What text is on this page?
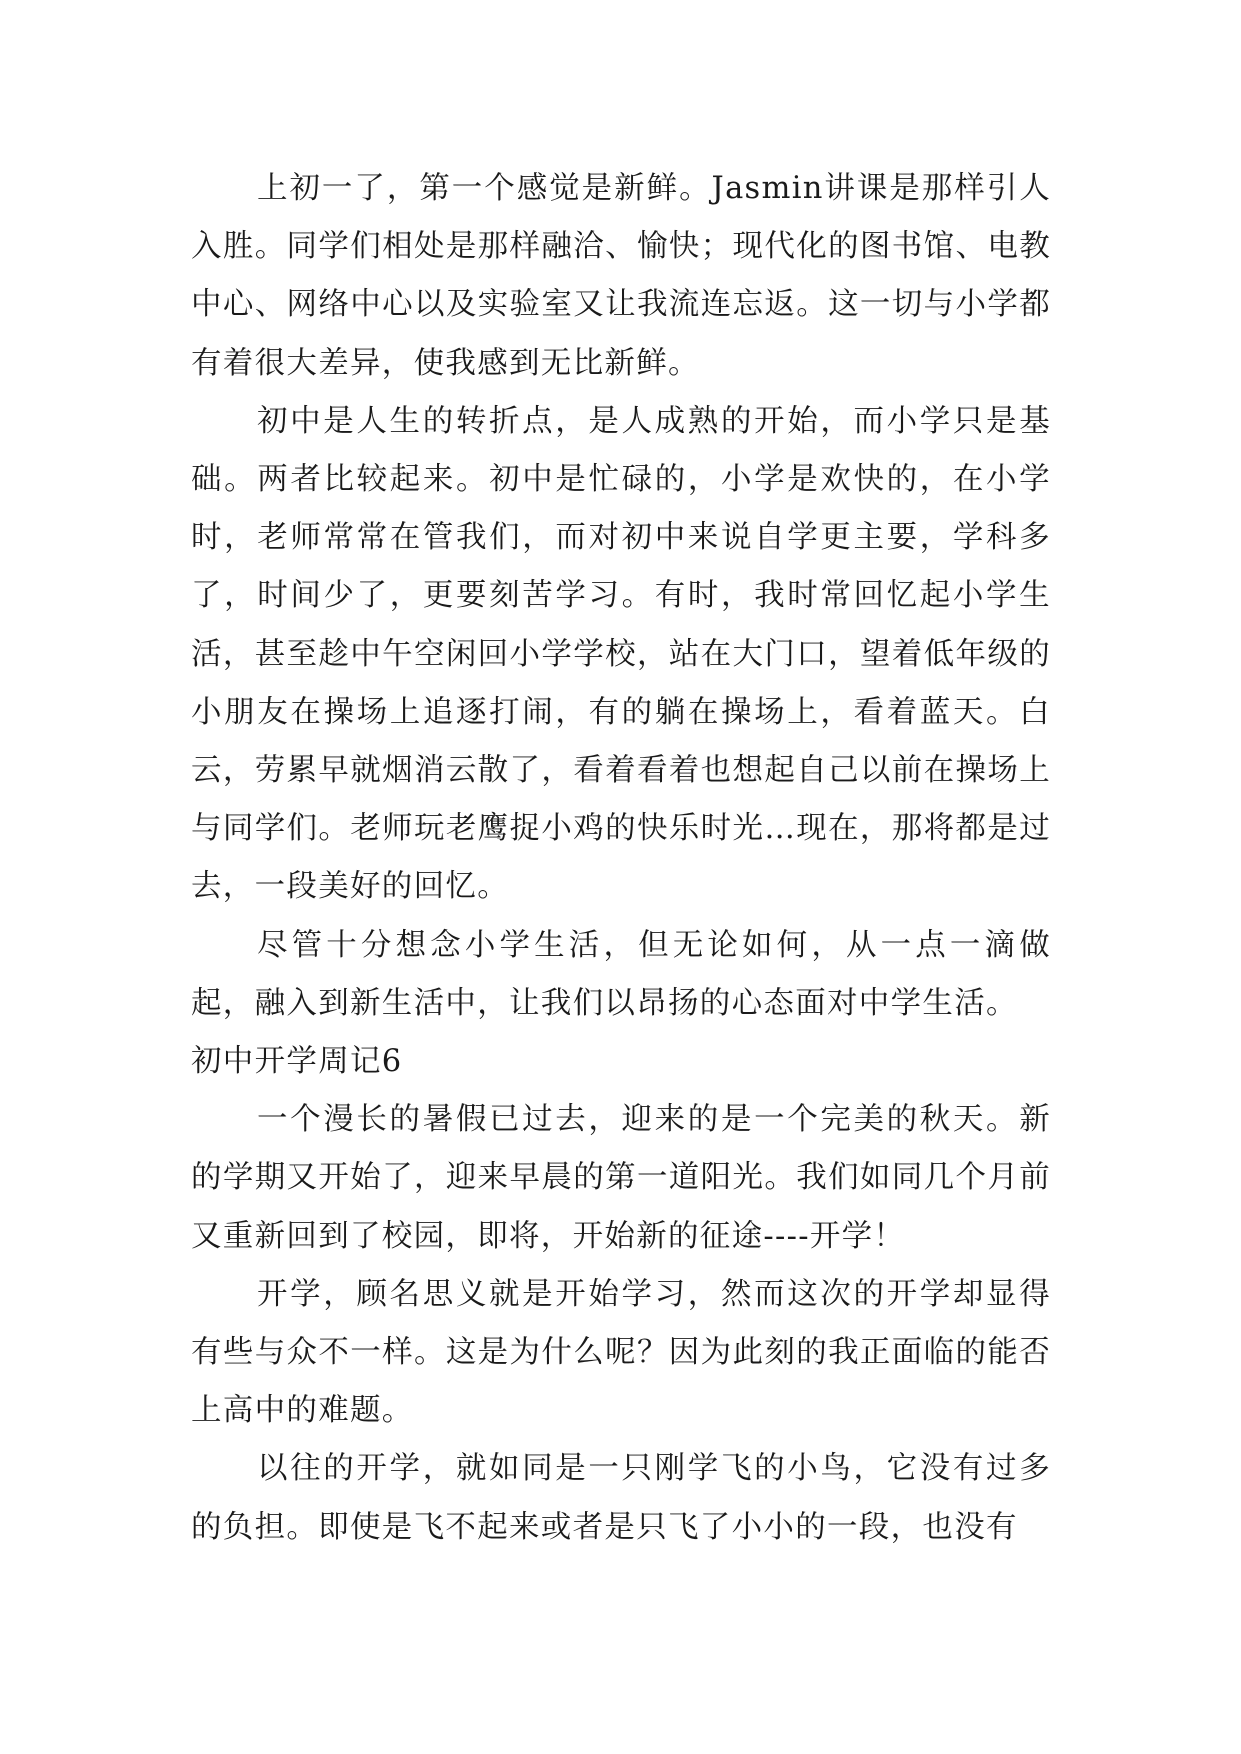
上初一了，第一个感觉是新鲜。Jasmin讲课是那样引人入胜。同学们相处是那样融洽、愉快；现代化的图书馆、电教中心、网络中心以及实验室又让我流连忘返。这一切与小学都有着很大差异，使我感到无比新鲜。

初中是人生的转折点，是人成熟的开始，而小学只是基础。两者比较起来。初中是忙碌的，小学是欢快的，在小学时，老师常常在管我们，而对初中来说自学更主要，学科多了，时间少了，更要刻苦学习。有时，我时常回忆起小学生活，甚至趁中午空闲回小学学校，站在大门口，望着低年级的小朋友在操场上追逐打闹，有的躺在操场上，看着蓝天。白云，劳累早就烟消云散了，看着看着也想起自己以前在操场上与同学们。老师玩老鹰捉小鸡的快乐时光…现在，那将都是过去，一段美好的回忆。

尽管十分想念小学生活，但无论如何，从一点一滴做起，融入到新生活中，让我们以昂扬的心态面对中学生活。

初中开学周记6

一个漫长的暑假已过去，迎来的是一个完美的秋天。新的学期又开始了，迎来早晨的第一道阳光。我们如同几个月前又重新回到了校园，即将，开始新的征途----开学！

开学，顾名思义就是开始学习，然而这次的开学却显得有些与众不一样。这是为什么呢？因为此刻的我正面临的能否上高中的难题。

以往的开学，就如同是一只刚学飞的小鸟，它没有过多的负担。即使是飞不起来或者是只飞了小小的一段，也没有
